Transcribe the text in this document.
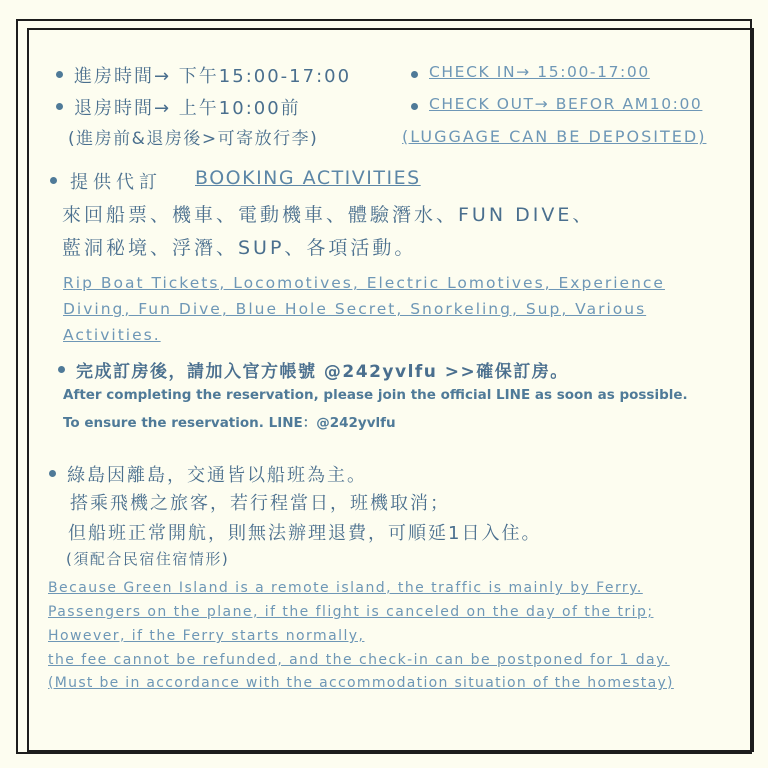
進房時間→ 下午15:00-17:00
退房時間→ 上午10:00前
(進房前&退房後>可寄放行李)
CHECK IN→ 15:00-17:00
CHECK OUT→ BEFOR AM10:00
(LUGGAGE CAN BE DEPOSITED)
提供代訂 BOOKING ACTIVITIES
來回船票、機車、電動機車、體驗潛水、FUN DIVE、
藍洞秘境、浮潛、SUP、各項活動。
Rip Boat Tickets, Locomotives, Electric Lomotives, Experience
Diving, Fun Dive, Blue Hole Secret, Snorkeling, Sup, Various
Activities.
完成訂房後，請加入官方帳號 @242yvlfu >>確保訂房。
After completing the reservation, please join the official LINE as soon as possible.
To ensure the reservation. LINE：@242yvlfu
綠島因離島，交通皆以船班為主。
搭乘飛機之旅客，若行程當日，班機取消；
但船班正常開航，則無法辦理退費，可順延1日入住。
(須配合民宿住宿情形)
Because Green Island is a remote island, the traffic is mainly by Ferry.
Passengers on the plane, if the flight is canceled on the day of the trip;
However, if the Ferry starts normally,
the fee cannot be refunded, and the check-in can be postponed for 1 day.
(Must be in accordance with the accommodation situation of the homestay)
